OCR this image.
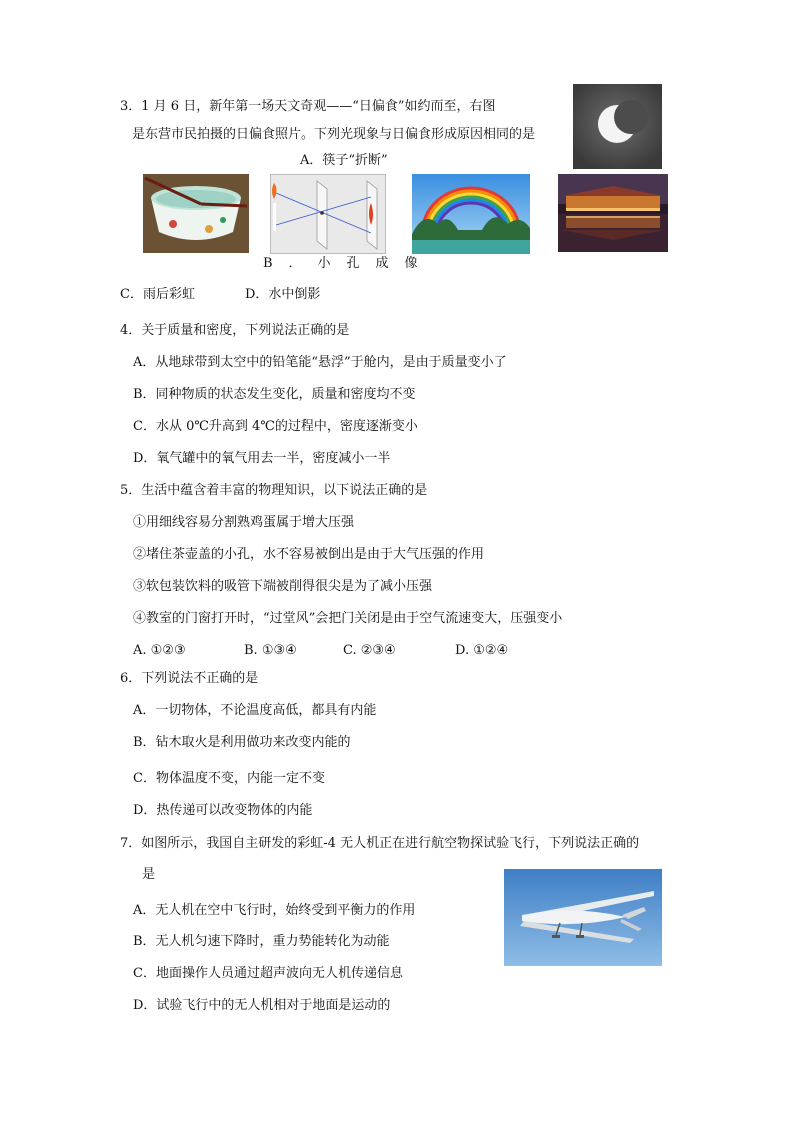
3．1 月 6 日，新年第一场天文奇观——“日偏食”如约而至，右图
是东营市民拍摄的日偏食照片。下列光现象与日偏食形成原因相同的是
A．筷子“折断”
B．小孔成像
C．雨后彩虹	D．水中倒影
4．关于质量和密度，下列说法正确的是
A．从地球带到太空中的铅笔能“悬浮”于舱内，是由于质量变小了
B．同种物质的状态发生变化，质量和密度均不变
C．水从 0℃升高到 4℃的过程中，密度逐渐变小
D．氧气罐中的氧气用去一半，密度减小一半
5．生活中蕴含着丰富的物理知识，以下说法正确的是
①用细线容易分割熟鸡蛋属于增大压强
②堵住茶壶盖的小孔，水不容易被倒出是由于大气压强的作用
③软包装饮料的吸管下端被削得很尖是为了减小压强
④教室的门窗打开时，“过堂风”会把门关闭是由于空气流速变大，压强变小
A. ①②③	B. ①③④	C. ②③④	D. ①②④
6．下列说法不正确的是
A．一切物体，不论温度高低，都具有内能
B．钻木取火是利用做功来改变内能的
C．物体温度不变，内能一定不变
D．热传递可以改变物体的内能
7．如图所示，我国自主研发的彩虹-4 无人机正在进行航空物探试验飞行，下列说法正确的
是
A．无人机在空中飞行时，始终受到平衡力的作用
B．无人机匀速下降时，重力势能转化为动能
C．地面操作人员通过超声波向无人机传递信息
D．试验飞行中的无人机相对于地面是运动的
